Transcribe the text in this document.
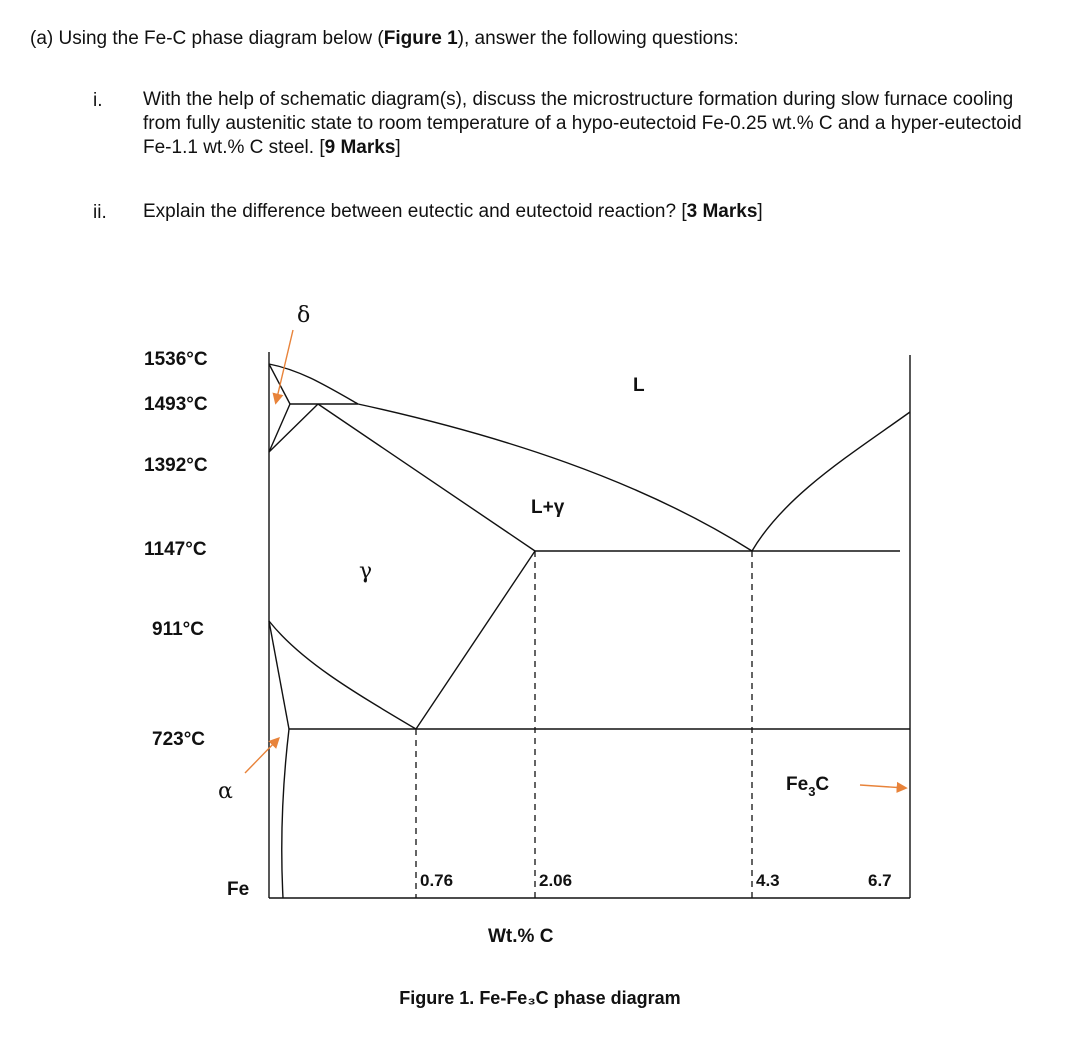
(a) Using the Fe-C phase diagram below (Figure 1), answer the following questions:
i. With the help of schematic diagram(s), discuss the microstructure formation during slow furnace cooling from fully austenitic state to room temperature of a hypo-eutectoid Fe-0.25 wt.% C and a hyper-eutectoid Fe-1.1 wt.% C steel. [9 Marks]
ii. Explain the difference between eutectic and eutectoid reaction? [3 Marks]
1536°C
1493°C
1392°C
1147°C
911°C
723°C
0.76	2.06	4.3	6.7
Fe
Wt.% C
δ
L
L+γ
γ
α	$Fe_3C$
Figure 1. Fe-Fe₃C phase diagram
